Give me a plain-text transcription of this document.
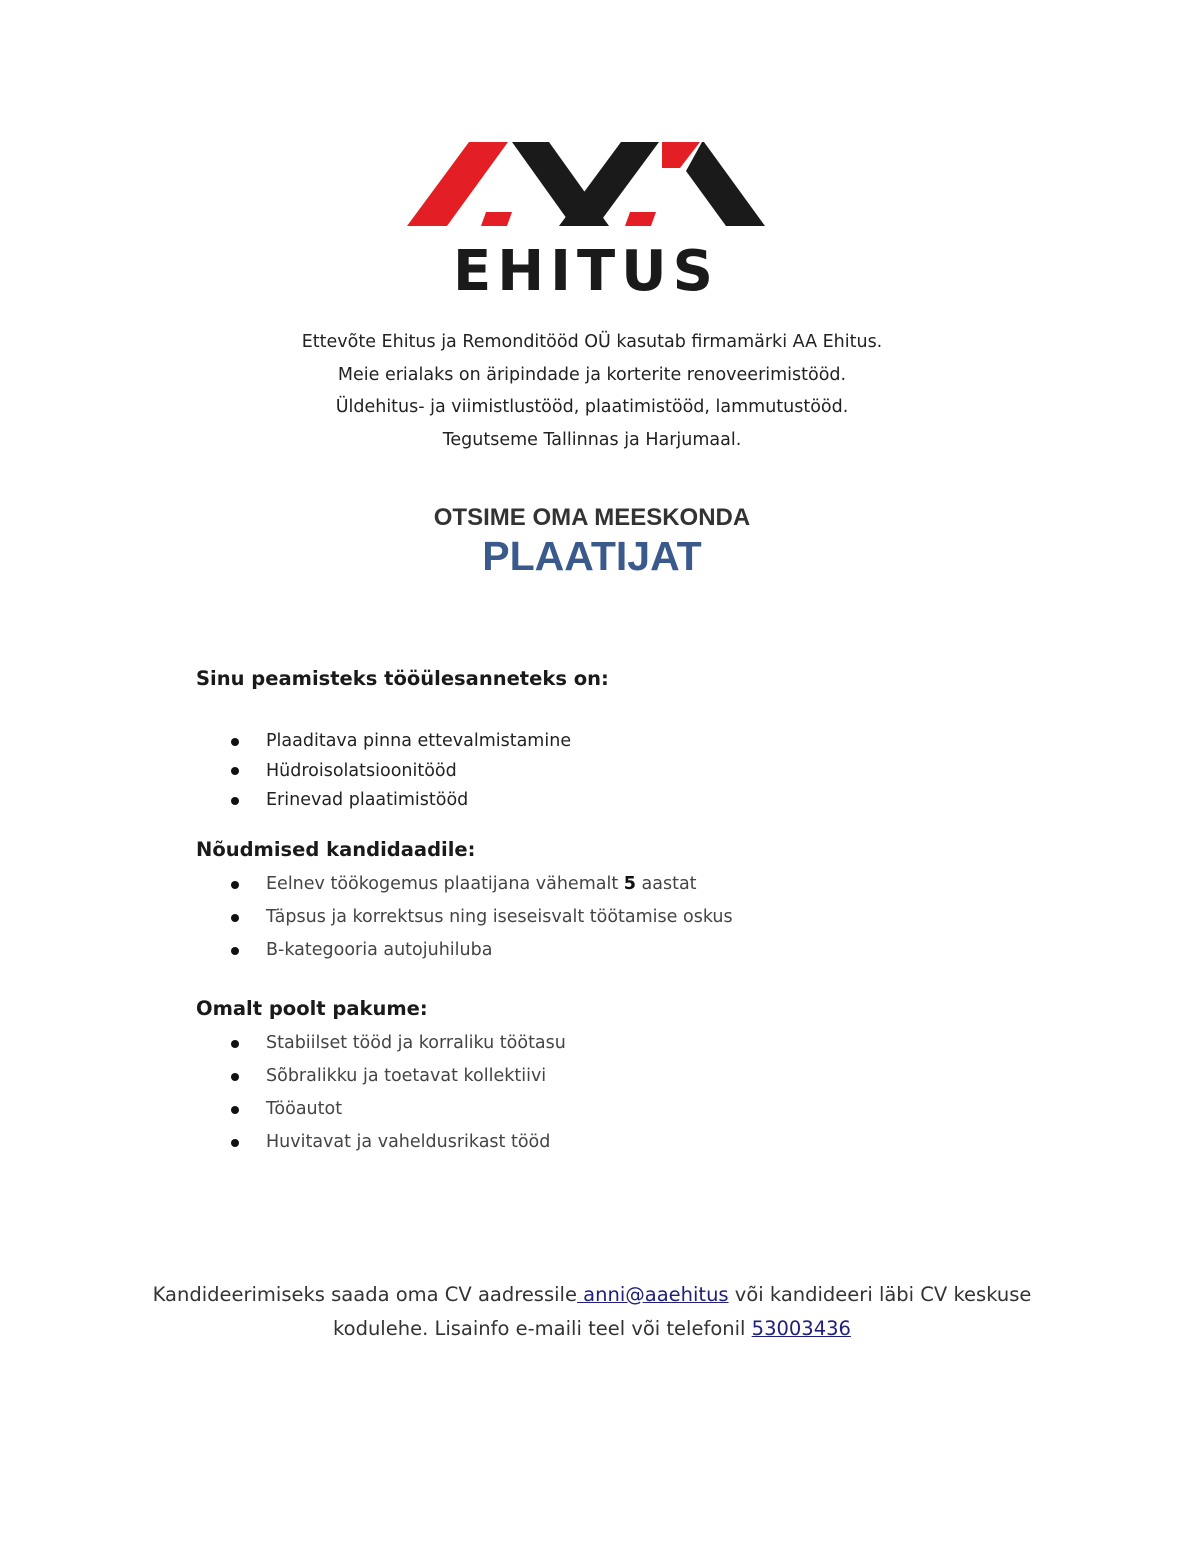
EHITUS

Ettevõte Ehitus ja Remonditööd OÜ kasutab firmamärki AA Ehitus.

Meie erialaks on äripindade ja korterite renoveerimistööd.

Üldehitus- ja viimistlustööd, plaatimistööd, lammutustööd.

Tegutseme Tallinnas ja Harjumaal.

OTSIME OMA MEESKONDA
PLAATIJAT
Sinu peamisteks tööülesanneteks on:
Plaaditava pinna ettevalmistamine
Hüdroisolatsioonitööd
Erinevad plaatimistööd
Nõudmised kandidaadile:
Eelnev töökogemus plaatijana vähemalt 5 aastat
Täpsus ja korrektsus ning iseseisvalt töötamise oskus
B-kategooria autojuhiluba
Omalt poolt pakume:
Stabiilset tööd ja korraliku töötasu
Sõbralikku ja toetavat kollektiivi
Tööautot
Huvitavat ja vaheldusrikast tööd

Kandideerimiseks saada oma CV aadressile anni@aaehitus või kandideeri läbi CV keskuse

kodulehe. Lisainfo e-maili teel või telefonil 53003436
